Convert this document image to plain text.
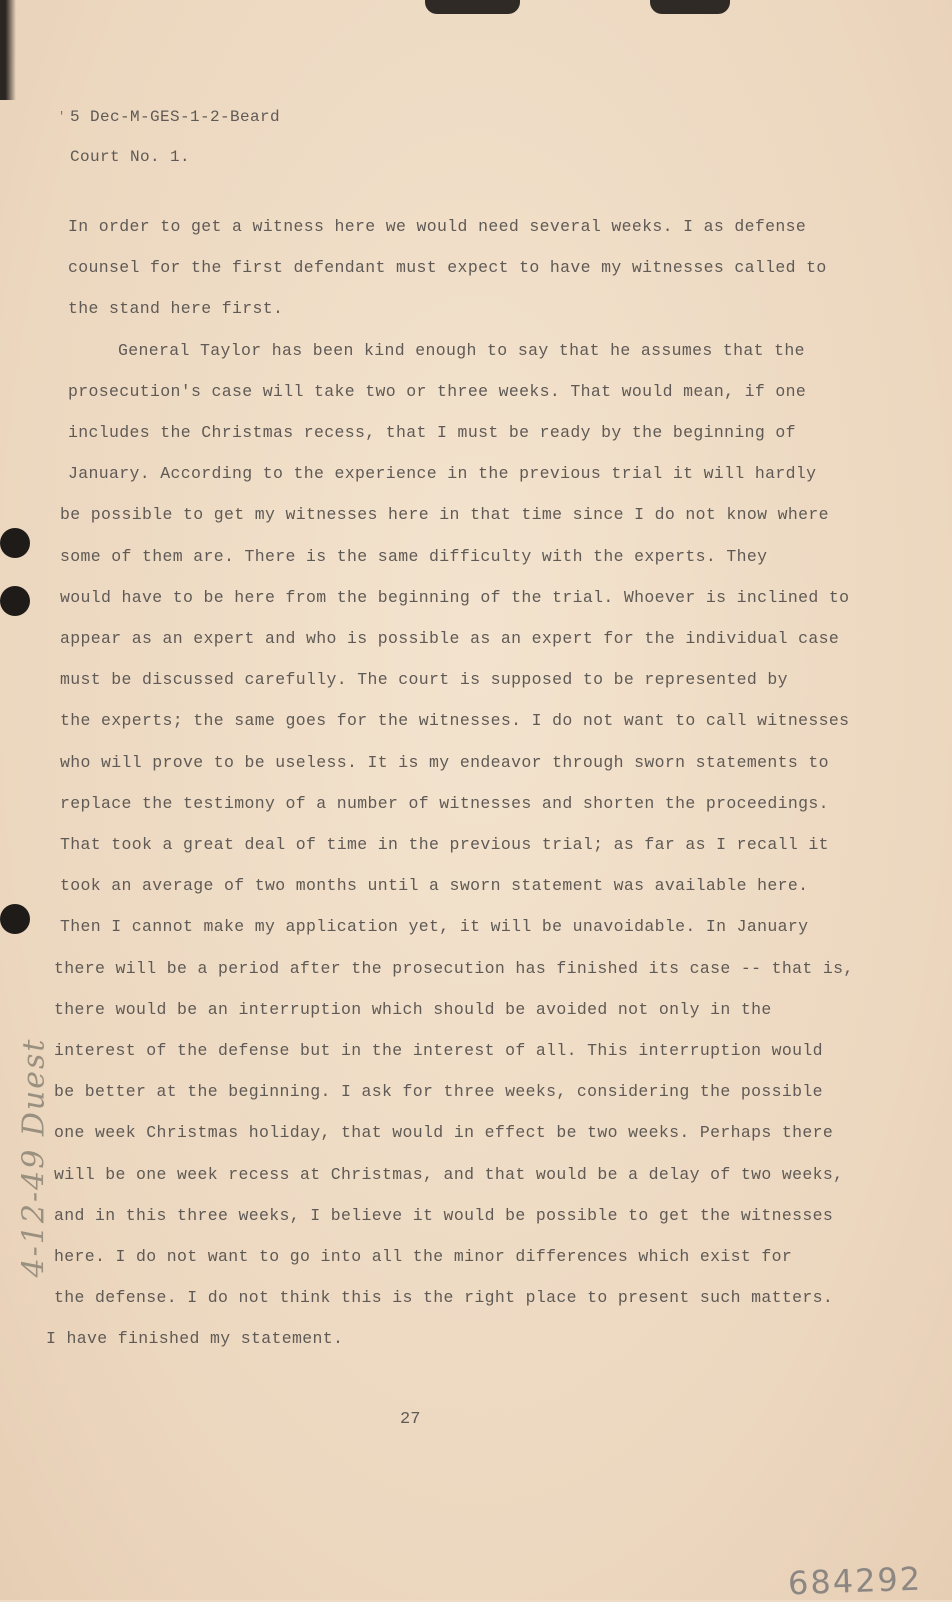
' 5 Dec-M-GES-1-2-Beard
Court No. 1.

In order to get a witness here we would need several weeks. I as defense

counsel for the first defendant must expect to have my witnesses called to

the stand here first.

General Taylor has been kind enough to say that he assumes that the

prosecution's case will take two or three weeks. That would mean, if one

includes the Christmas recess, that I must be ready by the beginning of

January. According to the experience in the previous trial it will hardly

be possible to get my witnesses here in that time since I do not know where

some of them are. There is the same difficulty with the experts. They

would have to be here from the beginning of the trial. Whoever is inclined to

appear as an expert and who is possible as an expert for the individual case

must be discussed carefully. The court is supposed to be represented by

the experts; the same goes for the witnesses. I do not want to call witnesses

who will prove to be useless. It is my endeavor through sworn statements to

replace the testimony of a number of witnesses and shorten the proceedings.

That took a great deal of time in the previous trial; as far as I recall it

took an average of two months until a sworn statement was available here.

Then I cannot make my application yet, it will be unavoidable. In January

there will be a period after the prosecution has finished its case -- that is,

there would be an interruption which should be avoided not only in the

interest of the defense but in the interest of all. This interruption would

be better at the beginning. I ask for three weeks, considering the possible

one week Christmas holiday, that would in effect be two weeks. Perhaps there

will be one week recess at Christmas, and that would be a delay of two weeks,

and in this three weeks, I believe it would be possible to get the witnesses

here. I do not want to go into all the minor differences which exist for

the defense. I do not think this is the right place to present such matters.

I have finished my statement.

27
4-12-49 Duest
684292
